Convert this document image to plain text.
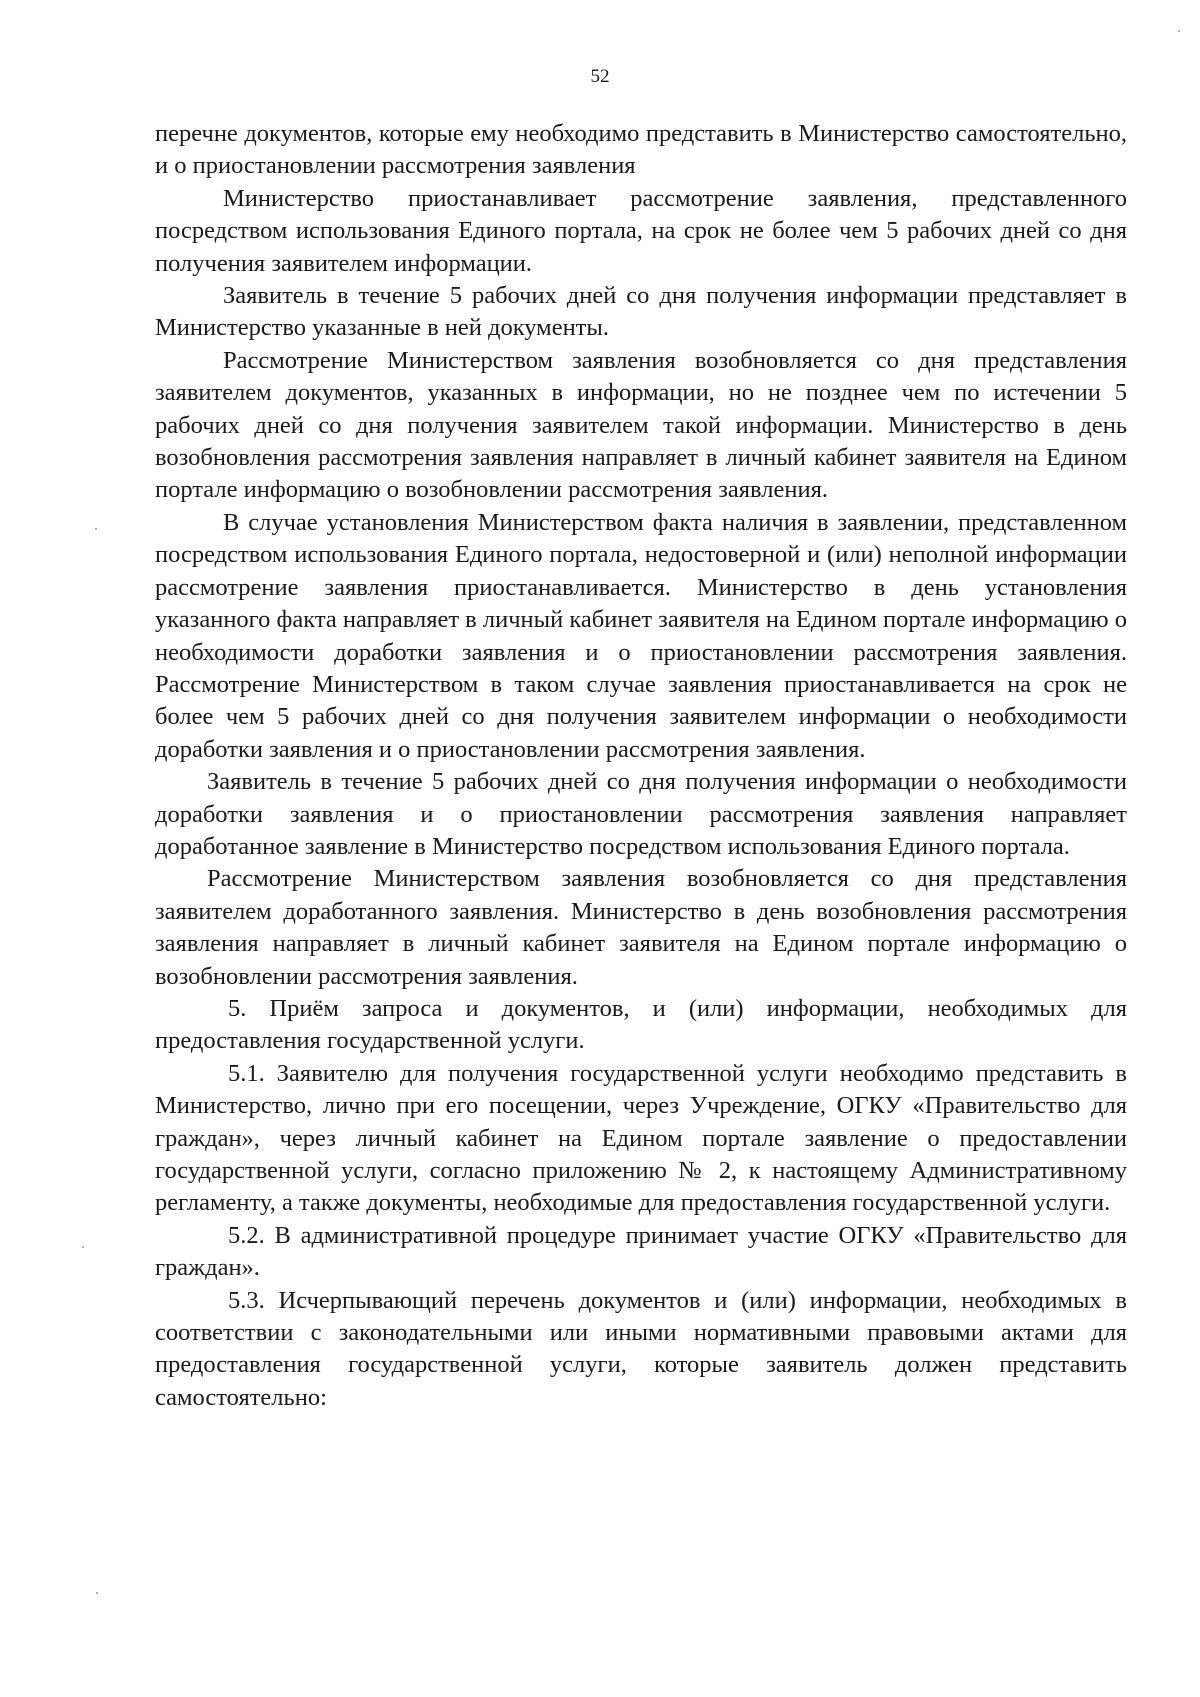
52

перечне документов, которые ему необходимо представить в Министерство самостоятельно, и о приостановлении рассмотрения заявления

Министерство приостанавливает рассмотрение заявления, представленного посредством использования Единого портала, на срок не более чем 5 рабочих дней со дня получения заявителем информации.

Заявитель в течение 5 рабочих дней со дня получения информации представляет в Министерство указанные в ней документы.

Рассмотрение Министерством заявления возобновляется со дня представления заявителем документов, указанных в информации, но не позднее чем по истечении 5 рабочих дней со дня получения заявителем такой информации. Министерство в день возобновления рассмотрения заявления направляет в личный кабинет заявителя на Едином портале информацию о возобновлении рассмотрения заявления.

В случае установления Министерством факта наличия в заявлении, представленном посредством использования Единого портала, недостоверной и (или) неполной информации рассмотрение заявления приостанавливается. Министерство в день установления указанного факта направляет в личный кабинет заявителя на Едином портале информацию о необходимости доработки заявления и о приостановлении рассмотрения заявления. Рассмотрение Министерством в таком случае заявления приостанавливается на срок не более чем 5 рабочих дней со дня получения заявителем информации о необходимости доработки заявления и о приостановлении рассмотрения заявления.

Заявитель в течение 5 рабочих дней со дня получения информации о необходимости доработки заявления и о приостановлении рассмотрения заявления направляет доработанное заявление в Министерство посредством использования Единого портала.

Рассмотрение Министерством заявления возобновляется со дня представления заявителем доработанного заявления. Министерство в день возобновления рассмотрения заявления направляет в личный кабинет заявителя на Едином портале информацию о возобновлении рассмотрения заявления.

5. Приём запроса и документов, и (или) информации, необходимых для предоставления государственной услуги.

5.1. Заявителю для получения государственной услуги необходимо представить в Министерство, лично при его посещении, через Учреждение, ОГКУ «Правительство для граждан», через личный кабинет на Едином портале заявление о предоставлении государственной услуги, согласно приложению № 2, к настоящему Административному регламенту, а также документы, необходимые для предоставления государственной услуги.

5.2. В административной процедуре принимает участие ОГКУ «Правительство для граждан».

5.3. Исчерпывающий перечень документов и (или) информации, необходимых в соответствии с законодательными или иными нормативными правовыми актами для предоставления государственной услуги, которые заявитель должен представить самостоятельно:
